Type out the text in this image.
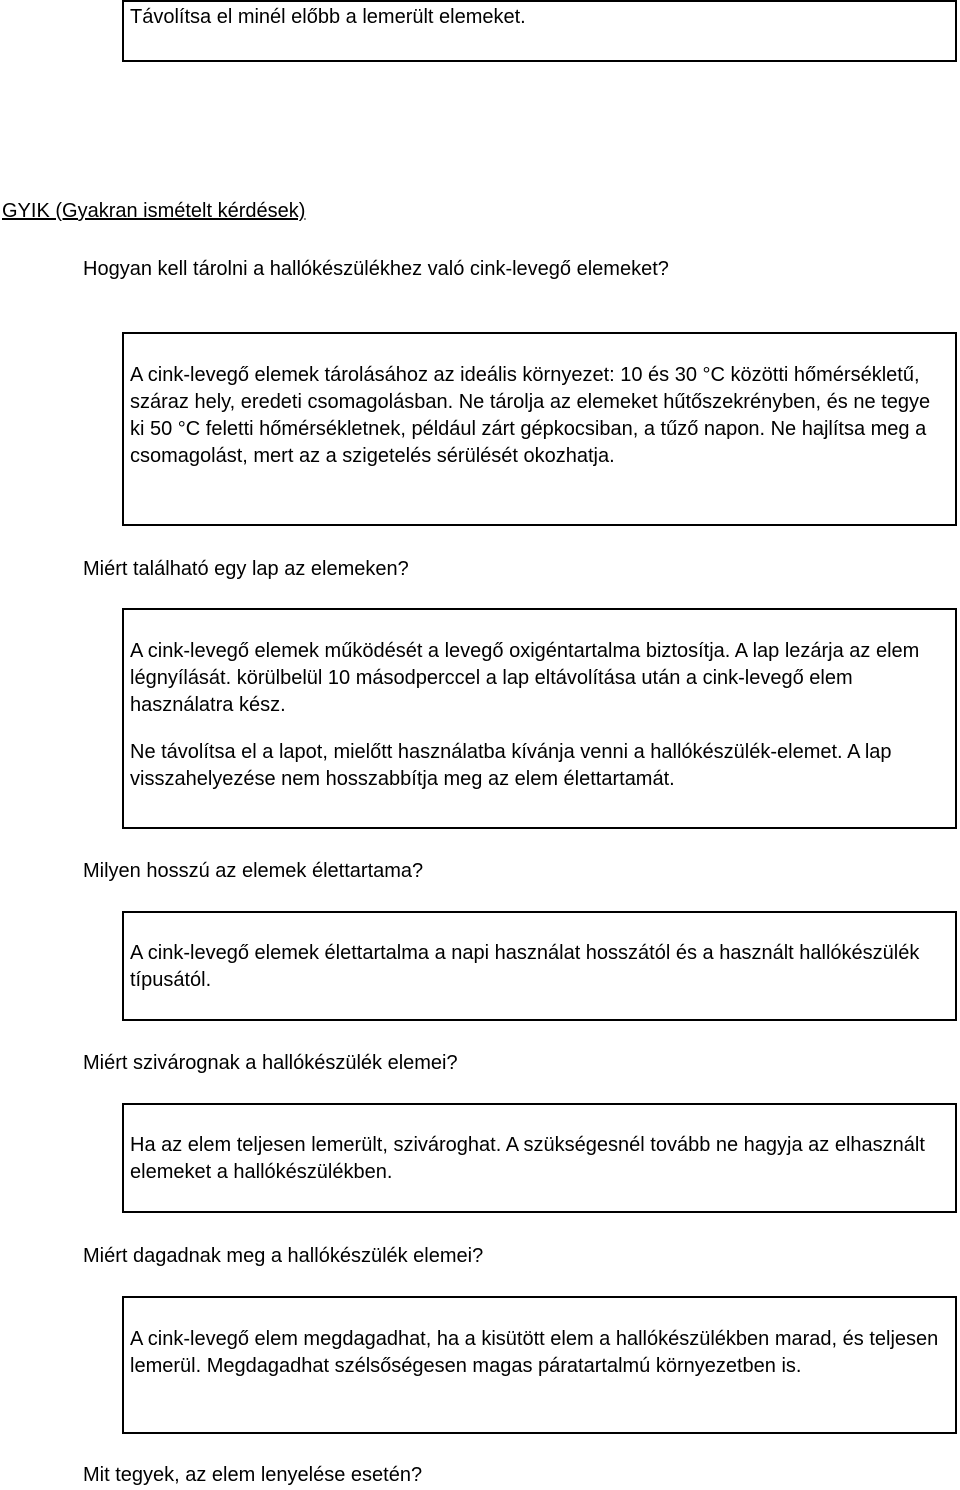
Távolítsa el minél előbb a lemerült elemeket.

GYIK (Gyakran ismételt kérdések)

Hogyan kell tárolni a hallókészülékhez való cink-levegő elemeket?

A cink-levegő elemek tárolásához az ideális környezet: 10 és 30 °C közötti hőmérsékletű, száraz hely, eredeti csomagolásban. Ne tárolja az elemeket hűtőszekrényben, és ne tegye ki 50 °C feletti hőmérsékletnek, például zárt gépkocsiban, a tűző napon. Ne hajlítsa meg a csomagolást, mert az a szigetelés sérülését okozhatja.

Miért található egy lap az elemeken?

A cink-levegő elemek működését a levegő oxigéntartalma biztosítja. A lap lezárja az elem légnyílását. körülbelül 10 másodperccel a lap eltávolítása után a cink-levegő elem használatra kész.

Ne távolítsa el a lapot, mielőtt használatba kívánja venni a hallókészülék-elemet. A lap visszahelyezése nem hosszabbítja meg az elem élettartamát.

Milyen hosszú az elemek élettartama?

A cink-levegő elemek élettartalma a napi használat hosszától és a használt hallókészülék típusától.

Miért szivárognak a hallókészülék elemei?

Ha az elem teljesen lemerült, szivároghat. A szükségesnél tovább ne hagyja az elhasznált elemeket a hallókészülékben.

Miért dagadnak meg a hallókészülék elemei?

A cink-levegő elem megdagadhat, ha a kisütött elem a hallókészülékben marad, és teljesen lemerül. Megdagadhat szélsőségesen magas páratartalmú környezetben is.

Mit tegyek, az elem lenyelése esetén?
